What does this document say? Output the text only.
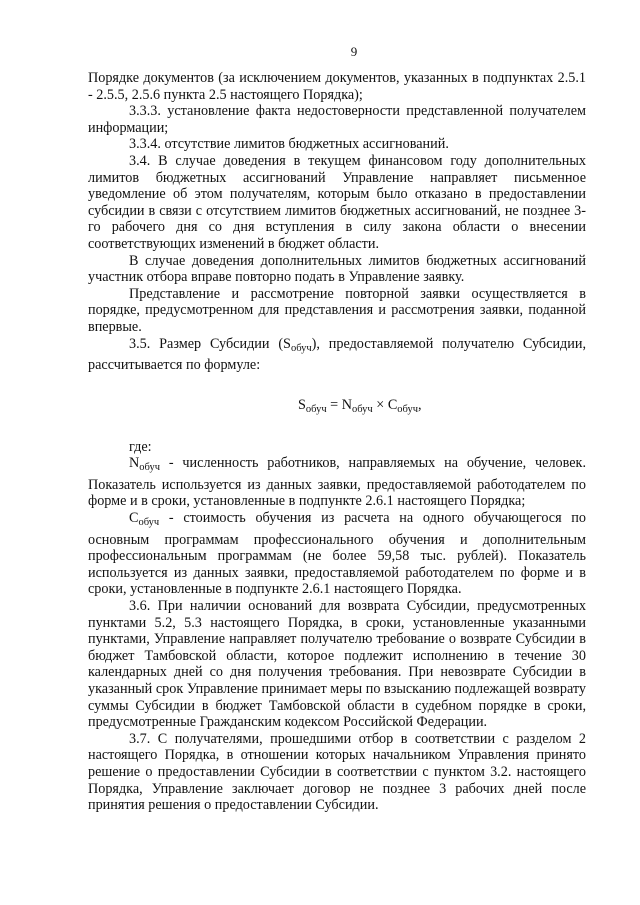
9

Порядке документов (за исключением документов, указанных в подпунктах 2.5.1 - 2.5.5, 2.5.6 пункта 2.5 настоящего Порядка);

3.3.3. установление факта недостоверности представленной получателем информации;

3.3.4. отсутствие лимитов бюджетных ассигнований.

3.4. В случае доведения в текущем финансовом году дополнительных лимитов бюджетных ассигнований Управление направляет письменное уведомление об этом получателям, которым было отказано в предоставлении субсидии в связи с отсутствием лимитов бюджетных ассигнований, не позднее 3-го рабочего дня со дня вступления в силу закона области о внесении соответствующих изменений в бюджет области.

В случае доведения дополнительных лимитов бюджетных ассигнований участник отбора вправе повторно подать в Управление заявку.

Представление и рассмотрение повторной заявки осуществляется в порядке, предусмотренном для представления и рассмотрения заявки, поданной впервые.

3.5. Размер Субсидии $(S_{обуч})$, предоставляемой получателю Субсидии, рассчитывается по формуле:

$S_{обуч} = N_{обуч} \times C_{обуч}$,

где:

$N_{обуч}$ - численность работников, направляемых на обучение, человек. Показатель используется из данных заявки, предоставляемой работодателем по форме и в сроки, установленные в подпункте 2.6.1 настоящего Порядка;

$C_{обуч}$ - стоимость обучения из расчета на одного обучающегося по основным программам профессионального обучения и дополнительным профессиональным программам (не более 59,58 тыс. рублей). Показатель используется из данных заявки, предоставляемой работодателем по форме и в сроки, установленные в подпункте 2.6.1 настоящего Порядка.

3.6. При наличии оснований для возврата Субсидии, предусмотренных пунктами 5.2, 5.3 настоящего Порядка, в сроки, установленные указанными пунктами, Управление направляет получателю требование о возврате Субсидии в бюджет Тамбовской области, которое подлежит исполнению в течение 30 календарных дней со дня получения требования. При невозврате Субсидии в указанный срок Управление принимает меры по взысканию подлежащей возврату суммы Субсидии в бюджет Тамбовской области в судебном порядке в сроки, предусмотренные Гражданским кодексом Российской Федерации.

3.7. С получателями, прошедшими отбор в соответствии с разделом 2 настоящего Порядка, в отношении которых начальником Управления принято решение о предоставлении Субсидии в соответствии с пунктом 3.2. настоящего Порядка, Управление заключает договор не позднее 3 рабочих дней после принятия решения о предоставлении Субсидии.
